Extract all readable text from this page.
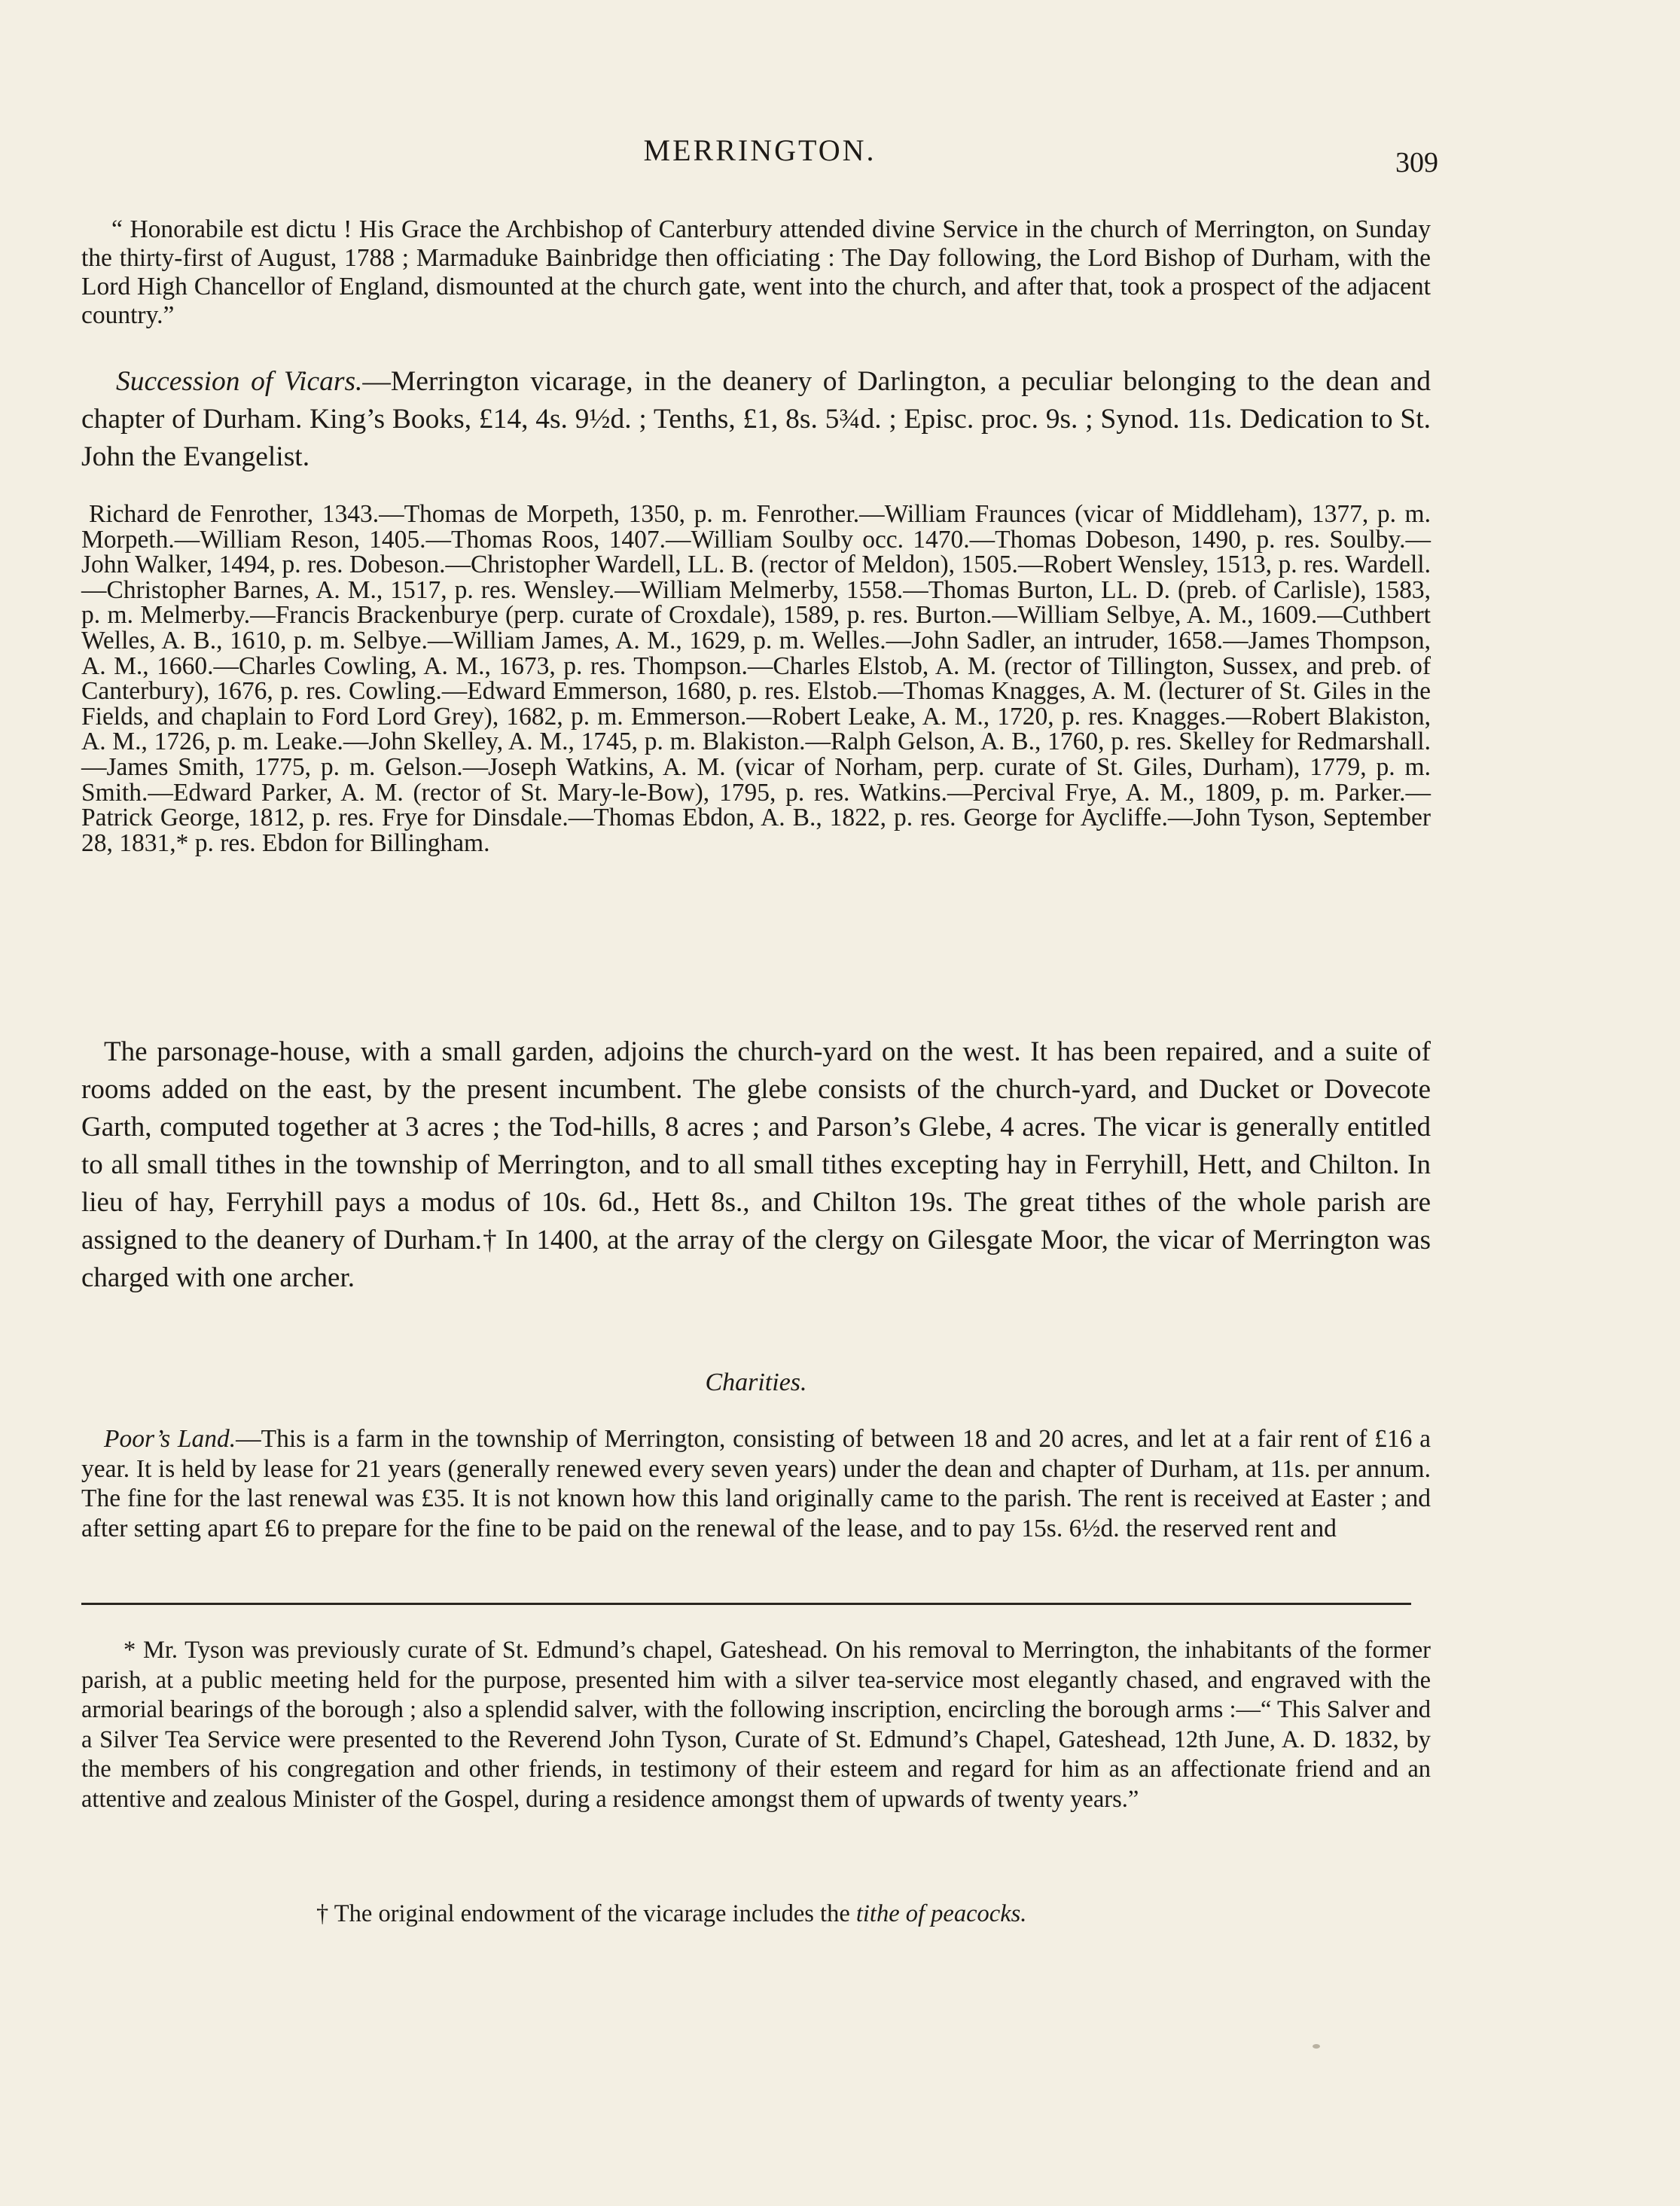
MERRINGTON.	309

“ Honorabile est dictu ! His Grace the Archbishop of Canterbury attended divine Service in the church of Merrington, on Sunday the thirty-first of August, 1788 ; Marmaduke Bainbridge then officiating : The Day following, the Lord Bishop of Durham, with the Lord High Chancellor of England, dismounted at the church gate, went into the church, and after that, took a prospect of the adjacent country.”

Succession of Vicars.—Merrington vicarage, in the deanery of Darlington, a peculiar belonging to the dean and chapter of Durham. King’s Books, £14, 4s. 9½d. ; Tenths, £1, 8s. 5¾d. ; Episc. proc. 9s. ; Synod. 11s. Dedication to St. John the Evangelist.

Richard de Fenrother, 1343.—Thomas de Morpeth, 1350, p. m. Fenrother.—William Fraunces (vicar of Middleham), 1377, p. m. Morpeth.—William Reson, 1405.—Thomas Roos, 1407.—William Soulby occ. 1470.—Thomas Dobeson, 1490, p. res. Soulby.—John Walker, 1494, p. res. Dobeson.—Christopher Wardell, LL. B. (rector of Meldon), 1505.—Robert Wensley, 1513, p. res. Wardell.—Christopher Barnes, A. M., 1517, p. res. Wensley.—William Melmerby, 1558.—Thomas Burton, LL. D. (preb. of Carlisle), 1583, p. m. Melmerby.—Francis Brackenburye (perp. curate of Croxdale), 1589, p. res. Burton.—William Selbye, A. M., 1609.—Cuthbert Welles, A. B., 1610, p. m. Selbye.—William James, A. M., 1629, p. m. Welles.—John Sadler, an intruder, 1658.—James Thompson, A. M., 1660.—Charles Cowling, A. M., 1673, p. res. Thompson.—Charles Elstob, A. M. (rector of Tillington, Sussex, and preb. of Canterbury), 1676, p. res. Cowling.—Edward Emmerson, 1680, p. res. Elstob.—Thomas Knagges, A. M. (lecturer of St. Giles in the Fields, and chaplain to Ford Lord Grey), 1682, p. m. Emmerson.—Robert Leake, A. M., 1720, p. res. Knagges.—Robert Blakiston, A. M., 1726, p. m. Leake.—John Skelley, A. M., 1745, p. m. Blakiston.—Ralph Gelson, A. B., 1760, p. res. Skelley for Redmarshall.—James Smith, 1775, p. m. Gelson.—Joseph Watkins, A. M. (vicar of Norham, perp. curate of St. Giles, Durham), 1779, p. m. Smith.—Edward Parker, A. M. (rector of St. Mary-le-Bow), 1795, p. res. Watkins.—Percival Frye, A. M., 1809, p. m. Parker.—Patrick George, 1812, p. res. Frye for Dinsdale.—Thomas Ebdon, A. B., 1822, p. res. George for Aycliffe.—John Tyson, September 28, 1831,* p. res. Ebdon for Billingham.

The parsonage-house, with a small garden, adjoins the church-yard on the west. It has been repaired, and a suite of rooms added on the east, by the present incumbent. The glebe consists of the church-yard, and Ducket or Dovecote Garth, computed together at 3 acres ; the Tod-hills, 8 acres ; and Parson’s Glebe, 4 acres. The vicar is generally entitled to all small tithes in the township of Merrington, and to all small tithes excepting hay in Ferryhill, Hett, and Chilton. In lieu of hay, Ferryhill pays a modus of 10s. 6d., Hett 8s., and Chilton 19s. The great tithes of the whole parish are assigned to the deanery of Durham.† In 1400, at the array of the clergy on Gilesgate Moor, the vicar of Merrington was charged with one archer.

Charities.

Poor’s Land.—This is a farm in the township of Merrington, consisting of between 18 and 20 acres, and let at a fair rent of £16 a year. It is held by lease for 21 years (generally renewed every seven years) under the dean and chapter of Durham, at 11s. per annum. The fine for the last renewal was £35. It is not known how this land originally came to the parish. The rent is received at Easter ; and after setting apart £6 to prepare for the fine to be paid on the renewal of the lease, and to pay 15s. 6½d. the reserved rent and

* Mr. Tyson was previously curate of St. Edmund’s chapel, Gateshead. On his removal to Merrington, the inhabitants of the former parish, at a public meeting held for the purpose, presented him with a silver tea-service most elegantly chased, and engraved with the armorial bearings of the borough ; also a splendid salver, with the following inscription, encircling the borough arms :—“ This Salver and a Silver Tea Service were presented to the Reverend John Tyson, Curate of St. Edmund’s Chapel, Gateshead, 12th June, A. D. 1832, by the members of his congregation and other friends, in testimony of their esteem and regard for him as an affectionate friend and an attentive and zealous Minister of the Gospel, during a residence amongst them of upwards of twenty years.”

† The original endowment of the vicarage includes the tithe of peacocks.
